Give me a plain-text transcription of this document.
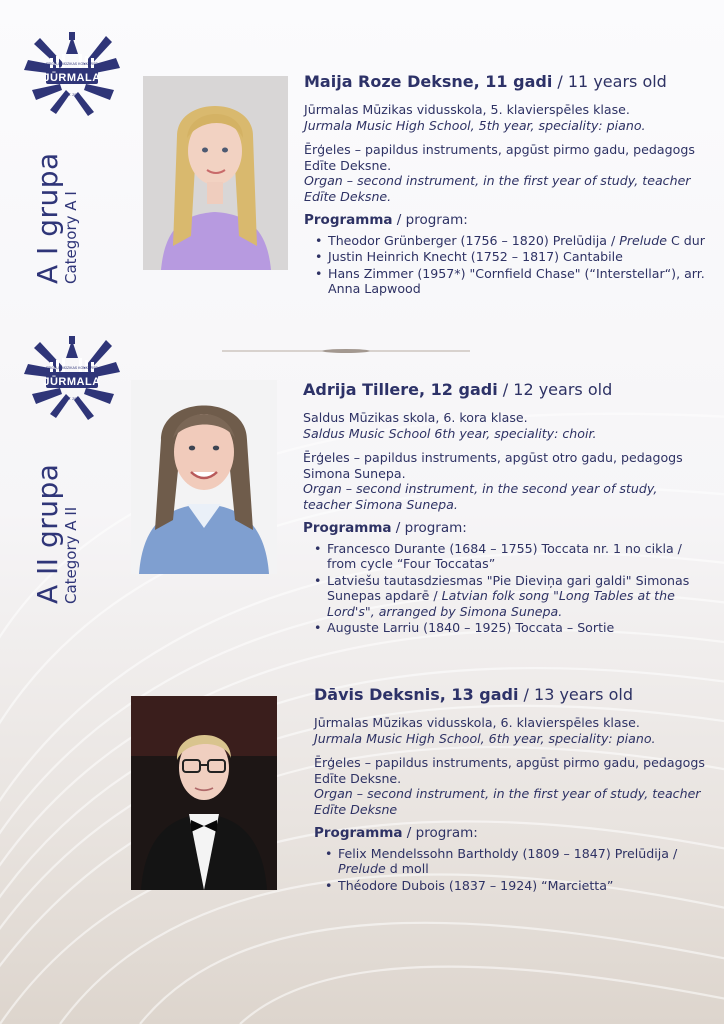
ERGEĻU MŪZIKAS KONKURSS
JŪRMALA
EST. 2020
ERGEĻU MŪZIKAS KONKURSS
JŪRMALA
EST. 2020
A I grupa
Category A I
A II grupa
Category A II
Maija Roze Deksne, 11 gadi / 11 years old

Jūrmalas Mūzikas vidusskola, 5. klavierspēles klase.
Jurmala Music High School, 5th year, speciality: piano.

Ērģeles – papildus instruments, apgūst pirmo gadu, pedagogs Edīte Deksne.
Organ – second instrument, in the first year of study, teacher Edīte Deksne.

Programma / program:
• Theodor Grünberger (1756 – 1820) Prelūdija / Prelude C dur
• Justin Heinrich Knecht (1752 – 1817) Cantabile
• Hans Zimmer (1957*) "Cornfield Chase" (“Interstellar“), arr. Anna Lapwood
Adrija Tillere, 12 gadi / 12 years old

Saldus Mūzikas skola, 6. kora klase.
Saldus Music School 6th year, speciality: choir.

Ērģeles – papildus instruments, apgūst otro gadu, pedagogs Simona Sunepa.
Organ – second instrument, in the second year of study, teacher Simona Sunepa.

Programma / program:
• Francesco Durante (1684 – 1755) Toccata nr. 1 no cikla / from cycle “Four Toccatas”
• Latviešu tautasdziesmas "Pie Dieviņa gari galdi" Simonas Sunepas apdarē / Latvian folk song "Long Tables at the Lord's", arranged by Simona Sunepa.
• Auguste Larriu (1840 – 1925) Toccata – Sortie
Dāvis Deksnis, 13 gadi / 13 years old

Jūrmalas Mūzikas vidusskola, 6. klavierspēles klase.
Jurmala Music High School, 6th year, speciality: piano.

Ērģeles – papildus instruments, apgūst pirmo gadu, pedagogs Edīte Deksne.
Organ – second instrument, in the first year of study, teacher Edīte Deksne

Programma / program:
• Felix Mendelssohn Bartholdy (1809 – 1847) Prelūdija / Prelude d moll
• Théodore Dubois (1837 – 1924) “Marcietta”
